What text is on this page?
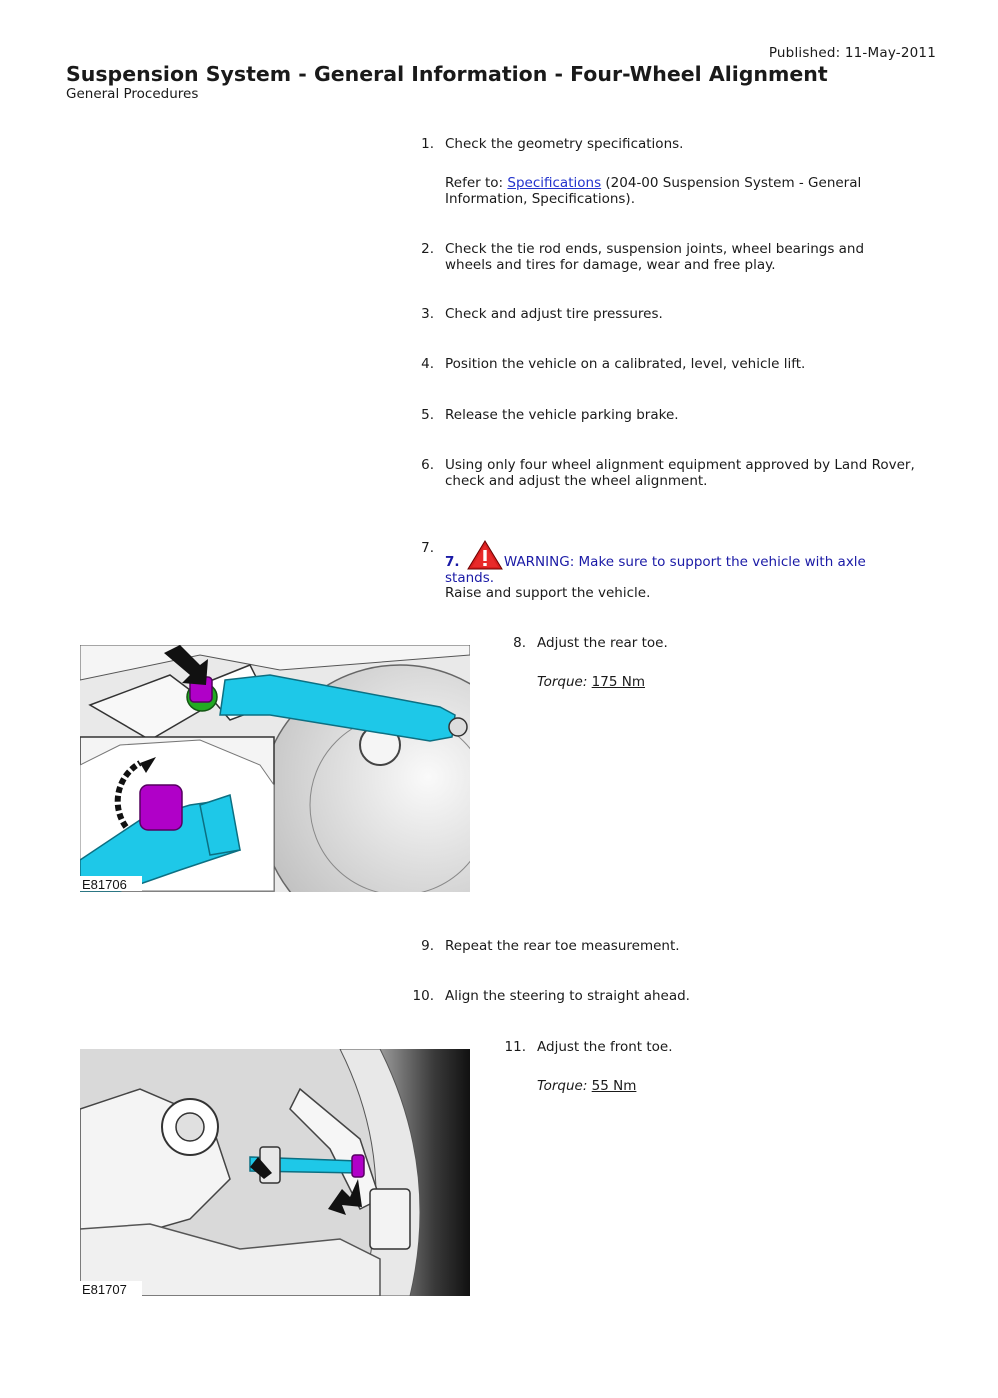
Published: 11-May-2011
Suspension System - General Information - Four-Wheel Alignment
General Procedures
1. Check the geometry specifications.
Refer to: Specifications (204-00 Suspension System - General
Information, Specifications).
2. Check the tie rod ends, suspension joints, wheel bearings and
wheels and tires for damage, wear and free play.
3. Check and adjust tire pressures.
4. Position the vehicle on a calibrated, level, vehicle lift.
5. Release the vehicle parking brake.
6. Using only four wheel alignment equipment approved by Land Rover,
check and adjust the wheel alignment.
7.
7.	WARNING: Make sure to support the vehicle with axle
stands.
Raise and support the vehicle.
E81706
8. Adjust the rear toe.
Torque: 175 Nm
9. Repeat the rear toe measurement.
10. Align the steering to straight ahead.
E81707
11. Adjust the front toe.
Torque: 55 Nm
